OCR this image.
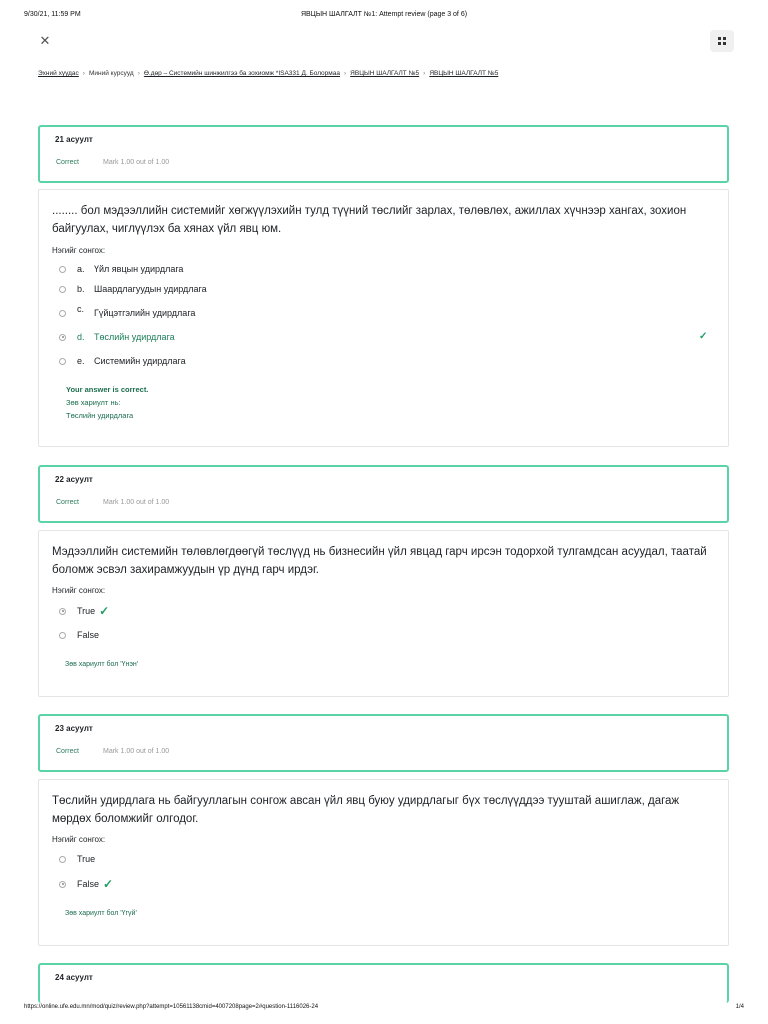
9/30/21, 11:59 PM	ЯВЦЫН ШАЛГАЛТ №1: Attempt review (page 3 of 6)
✕
Эхний хуудас › Миний курсууд › Ө.дөр – Системийн шинжилгээ ба зохиомж *ISA331 Д. Болормаа › ЯВЦЫН ШАЛГАЛТ №5 › ЯВЦЫН ШАЛГАЛТ №5
21 асуулт
Correct	Mark 1.00 out of 1.00
........ бол мэдээллийн системийг хөгжүүлэхийн тулд түүний төслийг зарлах, төлөвлөх, ажиллах хүчнээр хангах, зохион байгуулах, чиглүүлэх ба хянах үйл явц юм.
Нэгийг сонгох:
a.	Үйл явцын удирдлага
b.	Шаардлагуудын удирдлага
c.	Гүйцэтгэлийн удирдлага
d.	Төслийн удирдлага	✓
e.	Системийн удирдлага
Your answer is correct.
Зөв хариулт нь:
Төслийн удирдлага
22 асуулт
Correct	Mark 1.00 out of 1.00
Мэдээллийн системийн төлөвлөгдөөгүй төслүүд нь бизнесийн үйл явцад гарч ирсэн тодорхой тулгамдсан асуудал, таатай боломж эсвэл захирамжуудын үр дүнд гарч ирдэг.
Нэгийг сонгох:
True ✓
False
Зөв хариулт бол 'Үнэн'
23 асуулт
Correct	Mark 1.00 out of 1.00
Төслийн удирдлага нь байгууллагын сонгож авсан үйл явц буюу удирдлагыг бүх төслүүддээ тууштай ашиглаж, дагаж мөрдөх боломжийг олгодог.
Нэгийг сонгох:
True
False ✓
Зөв хариулт бол 'Үгүй'
24 асуулт
https://online.ufe.edu.mn/mod/quiz/review.php?attempt=10561138cmid=4007208page=2#question-1116026-24	1/4
